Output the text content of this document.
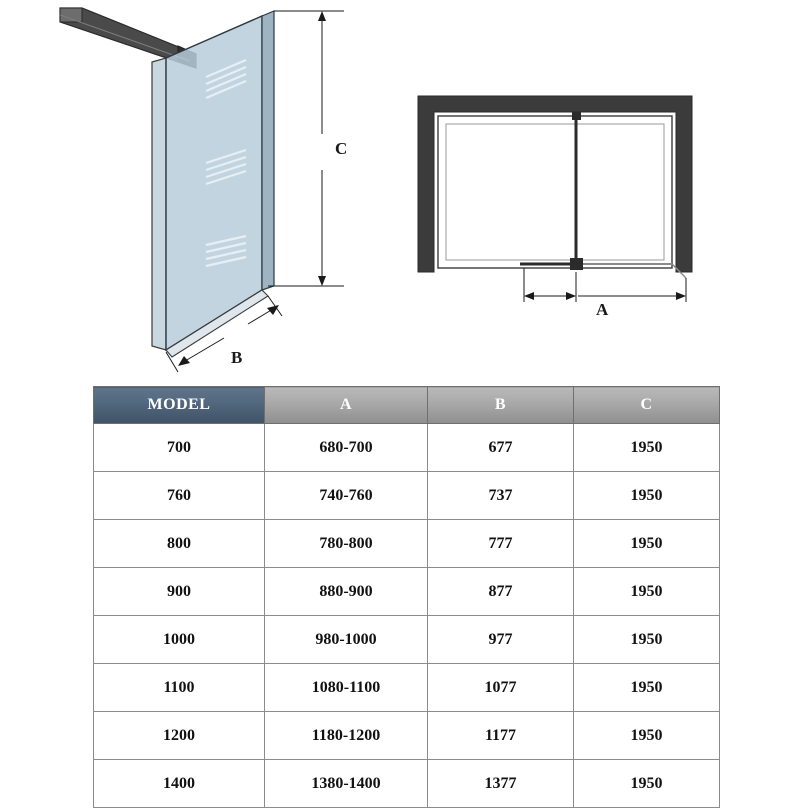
C
B
A
MODEL	A	B	C
700	680-700	677	1950
760	740-760	737	1950
800	780-800	777	1950
900	880-900	877	1950
1000	980-1000	977	1950
1100	1080-1100	1077	1950
1200	1180-1200	1177	1950
1400	1380-1400	1377	1950
